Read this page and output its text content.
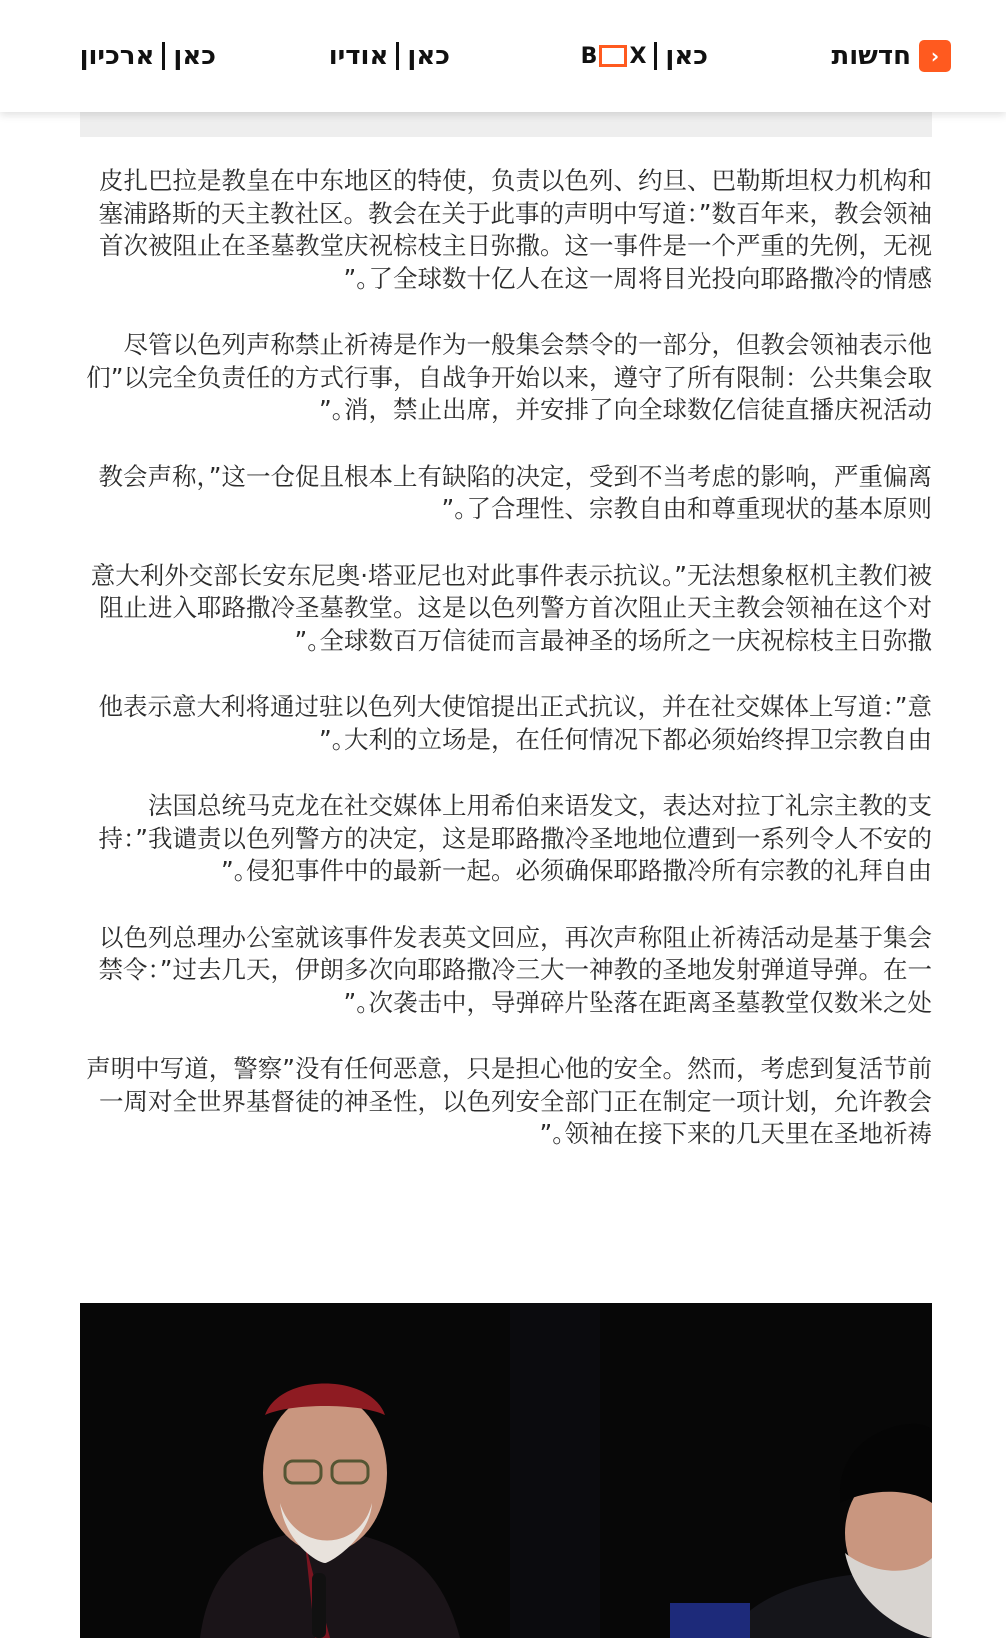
‹
חדשות
כאן
B X
כאן
אודיו
כאן
ארכיון

皮扎巴拉是教皇在中东地区的特使，负责以色列、约旦、巴勒斯坦权力机构和塞浦路斯的天主教社区。教会在关于此事的声明中写道：”数百年来，教会领袖首次被阻止在圣墓教堂庆祝棕枝主日弥撒。这一事件是一个严重的先例，无视了全球数十亿人在这一周将目光投向耶路撒冷的情感。”

尽管以色列声称禁止祈祷是作为一般集会禁令的一部分，但教会领袖表示他们”以完全负责任的方式行事，自战争开始以来，遵守了所有限制：公共集会取消，禁止出席，并安排了向全球数亿信徒直播庆祝活动。”

教会声称，”这一仓促且根本上有缺陷的决定，受到不当考虑的影响，严重偏离了合理性、宗教自由和尊重现状的基本原则。”

意大利外交部长安东尼奥·塔亚尼也对此事件表示抗议。”无法想象枢机主教们被阻止进入耶路撒冷圣墓教堂。这是以色列警方首次阻止天主教会领袖在这个对全球数百万信徒而言最神圣的场所之一庆祝棕枝主日弥撒。”

他表示意大利将通过驻以色列大使馆提出正式抗议，并在社交媒体上写道：”意大利的立场是，在任何情况下都必须始终捍卫宗教自由。”

法国总统马克龙在社交媒体上用希伯来语发文，表达对拉丁礼宗主教的支持：”我谴责以色列警方的决定，这是耶路撒冷圣地地位遭到一系列令人不安的侵犯事件中的最新一起。必须确保耶路撒冷所有宗教的礼拜自由。”

以色列总理办公室就该事件发表英文回应，再次声称阻止祈祷活动是基于集会禁令：”过去几天，伊朗多次向耶路撒冷三大一神教的圣地发射弹道导弹。在一次袭击中，导弹碎片坠落在距离圣墓教堂仅数米之处。”

声明中写道，警察”没有任何恶意，只是担心他的安全。然而，考虑到复活节前一周对全世界基督徒的神圣性，以色列安全部门正在制定一项计划，允许教会领袖在接下来的几天里在圣地祈祷。”
